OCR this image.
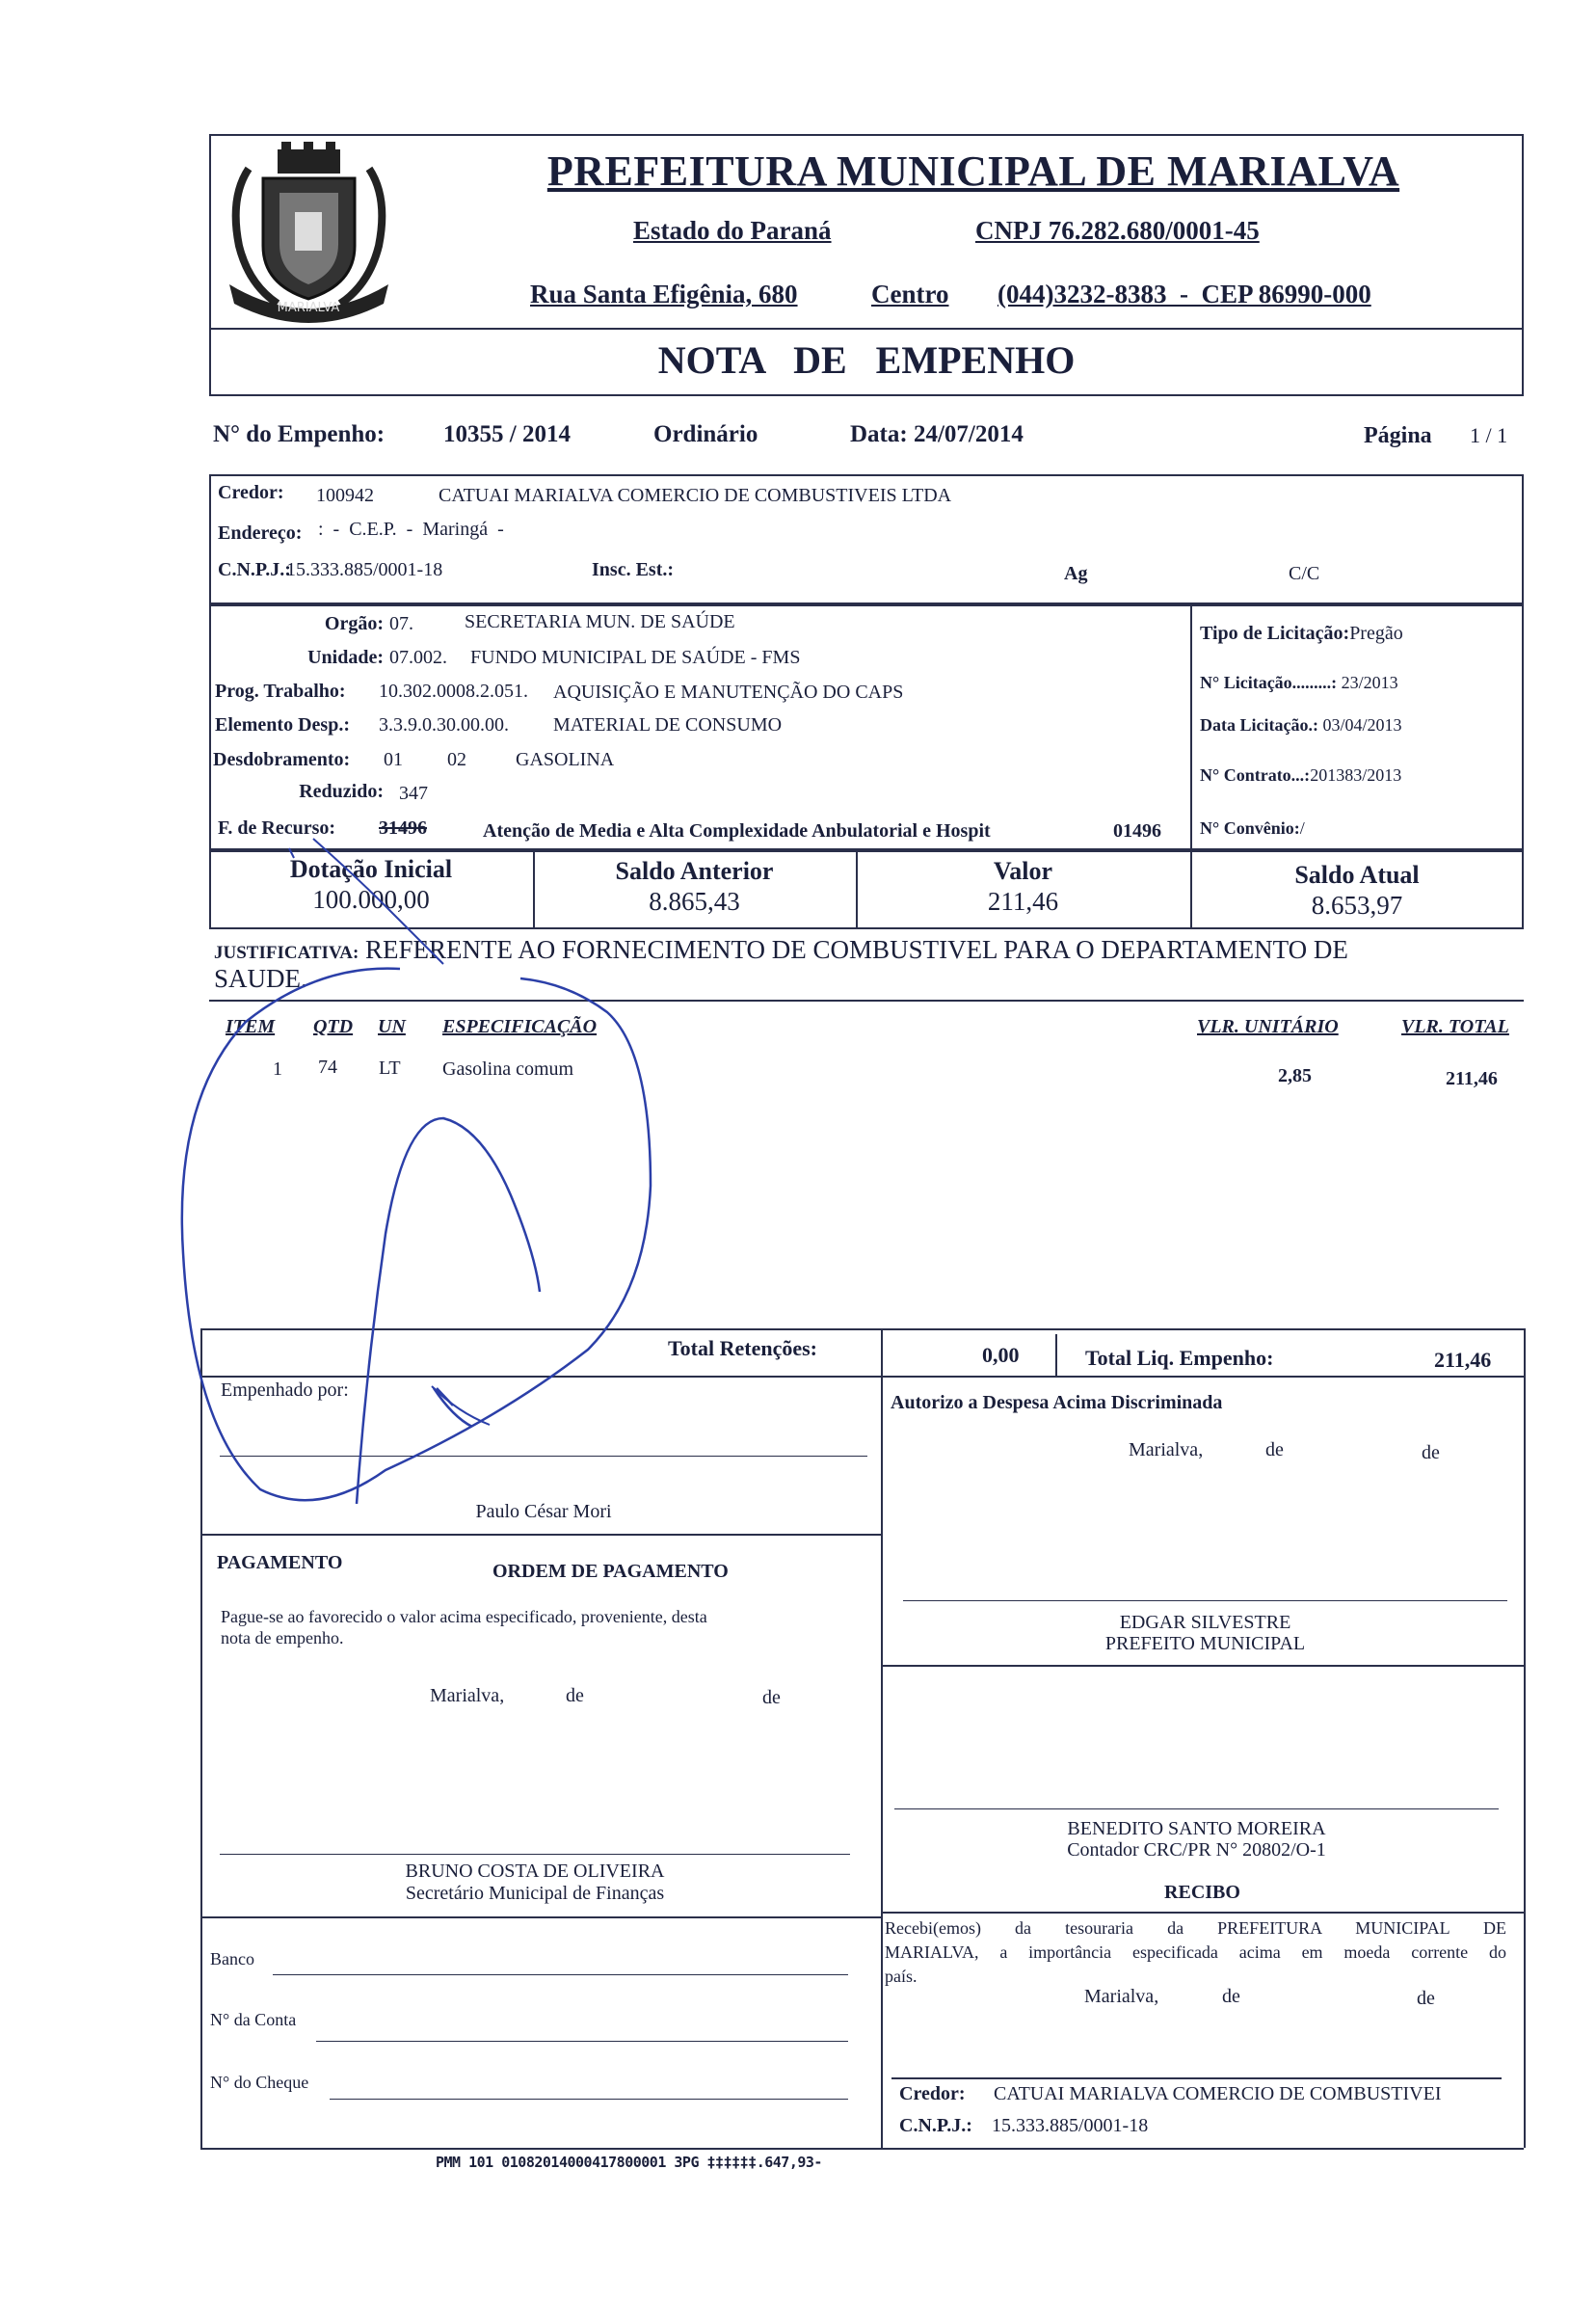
MARIALVA
PREFEITURA MUNICIPAL DE MARIALVA
Estado do Paraná	CNPJ 76.282.680/0001-45
Rua Santa Efigênia, 680	Centro (044)3232-8383  -  CEP 86990-000
NOTA   DE   EMPENHO
N° do Empenho: 10355 / 2014	Ordinário	Data: 24/07/2014	Página 1 / 1
Credor: 100942	CATUAI MARIALVA COMERCIO DE COMBUSTIVEIS LTDA
Endereço: :  -  C.E.P.  -  Maringá  -
C.N.P.J.:
15.333.885/0001-18	Insc. Est.:	Ag	C/C
Orgão: 07.	SECRETARIA MUN. DE SAÚDE
Unidade: 07.002. FUNDO MUNICIPAL DE SAÚDE - FMS
Prog. Trabalho: 10.302.0008.2.051. AQUISIÇÃO E MANUTENÇÃO DO CAPS
Elemento Desp.: 3.3.9.0.30.00.00. MATERIAL DE CONSUMO
Desdobramento: 01 02	GASOLINA
Reduzido: 347
F. de Recurso: 31496	Atenção de Media e Alta Complexidade Anbulatorial e Hospit	01496
Tipo de Licitação:Pregão
N° Licitação.........: 23/2013
Data Licitação.: 03/04/2013
N° Contrato...:201383/2013
N° Convênio:/
Dotação Inicial
100.000,00
Saldo Anterior
8.865,43
Valor
211,46
Saldo Atual
8.653,97
JUSTIFICATIVA: REFERENTE AO FORNECIMENTO DE COMBUSTIVEL PARA O DEPARTAMENTO DE
SAUDE.
ITEM QTD UN ESPECIFICAÇÃO	VLR. UNITÁRIO	VLR. TOTAL
1 74 LT Gasolina comum	2,85	211,46
Total Retenções:	0,00	Total Liq. Empenho:	211,46
Empenhado por:
Paulo César Mori
Autorizo a Despesa Acima Discriminada
Marialva,	de	de
PAGAMENTO	ORDEM DE PAGAMENTO
Pague-se ao favorecido o valor acima especificado, proveniente, desta
nota de empenho.
Marialva,	de	de
EDGAR SILVESTRE
PREFEITO MUNICIPAL
BENEDITO SANTO MOREIRA
Contador CRC/PR N° 20802/O-1
BRUNO COSTA DE OLIVEIRA
Secretário Municipal de Finanças	RECIBO
Recebi(emos) da tesouraria da PREFEITURA MUNICIPAL DE
MARIALVA, a importância especificada acima em moeda corrente do
país.
Marialva,	de	de
Banco
N° da Conta
N° do Cheque
Credor: CATUAI MARIALVA COMERCIO DE COMBUSTIVEI
C.N.P.J.: 15.333.885/0001-18
PMM 101 01082014000417800001 3PG ‡‡‡‡‡‡.647,93-
